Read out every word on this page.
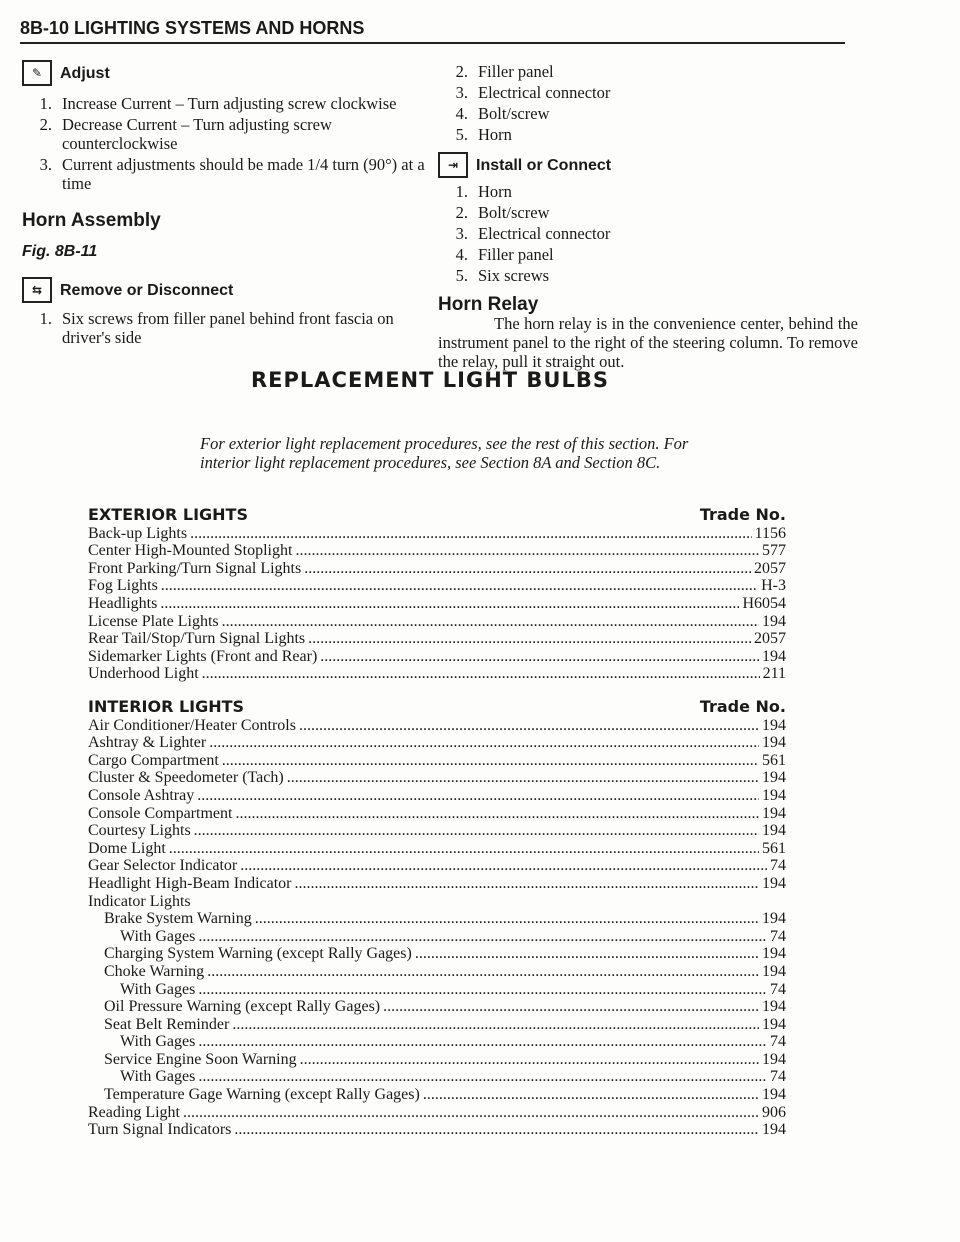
8B-10 LIGHTING SYSTEMS AND HORNS
✎	Adjust
1. Increase Current – Turn adjusting screw clockwise
2. Decrease Current – Turn adjusting screw counterclockwise
3. Current adjustments should be made 1/4 turn (90°) at a time
Horn Assembly
Fig. 8B-11
⇆	Remove or Disconnect
1. Six screws from filler panel behind front fascia on driver's side
2. Filler panel
3. Electrical connector
4. Bolt/screw
5. Horn
⇥	Install or Connect
1. Horn
2. Bolt/screw
3. Electrical connector
4. Filler panel
5. Six screws
Horn Relay
The horn relay is in the convenience center, behind the instrument panel to the right of the steering column. To remove the relay, pull it straight out.
REPLACEMENT LIGHT BULBS
For exterior light replacement procedures, see the rest of this section. For interior light replacement procedures, see Section 8A and Section 8C.
EXTERIOR LIGHTS	Trade No.
Back-up Lights .....	1156
Center High-Mounted Stoplight .....	577
Front Parking/Turn Signal Lights .....	2057
Fog Lights .....	H-3
Headlights .....	H6054
License Plate Lights .....	194
Rear Tail/Stop/Turn Signal Lights .....	2057
Sidemarker Lights (Front and Rear) .....	194
Underhood Light .....	211
INTERIOR LIGHTS	Trade No.
Air Conditioner/Heater Controls .....	194
Ashtray & Lighter .....	194
Cargo Compartment .....	561
Cluster & Speedometer (Tach) .....	194
Console Ashtray .....	194
Console Compartment .....	194
Courtesy Lights .....	194
Dome Light .....	561
Gear Selector Indicator .....	74
Headlight High-Beam Indicator .....	194
Indicator Lights
Brake System Warning .....	194
With Gages .....	74
Charging System Warning (except Rally Gages) .....	194
Choke Warning .....	194
With Gages .....	74
Oil Pressure Warning (except Rally Gages) .....	194
Seat Belt Reminder .....	194
With Gages .....	74
Service Engine Soon Warning .....	194
With Gages .....	74
Temperature Gage Warning (except Rally Gages) .....	194
Reading Light .....	906
Turn Signal Indicators .....	194
